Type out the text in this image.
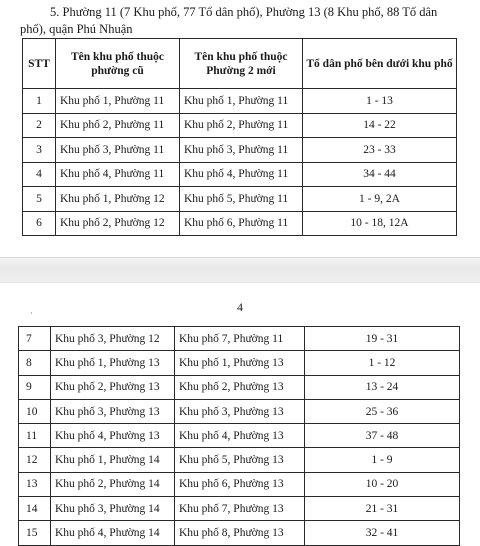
5. Phường 11 (7 Khu phố, 77 Tổ dân phố), Phường 13 (8 Khu phố, 88 Tổ dân phố), quận Phú Nhuận

STT	Tên khu phố thuộc phường cũ	Tên khu phố thuộc Phường 2 mới	Tổ dân phố bên dưới khu phố
1	Khu phố 1, Phường 11	Khu phố 1, Phường 11	1 - 13
2	Khu phố 2, Phường 11	Khu phố 2, Phường 11	14 - 22
3	Khu phố 3, Phường 11	Khu phố 3, Phường 11	23 - 33
4	Khu phố 4, Phường 11	Khu phố 4, Phường 11	34 - 44
5	Khu phố 1, Phường 12	Khu phố 5, Phường 11	1 - 9, 2A
6	Khu phố 2, Phường 12	Khu phố 6, Phường 11	10 - 18, 12A
·	4
7	Khu phố 3, Phường 12	Khu phố 7, Phường 11	19 - 31
8	Khu phố 1, Phường 13	Khu phố 1, Phường 13	1 - 12
9	Khu phố 2, Phường 13	Khu phố 2, Phường 13	13 - 24
10	Khu phố 3, Phường 13	Khu phố 3, Phường 13	25 - 36
11	Khu phố 4, Phường 13	Khu phố 4, Phường 13	37 - 48
12	Khu phố 1, Phường 14	Khu phố 5, Phường 13	1 - 9
13	Khu phố 2, Phường 14	Khu phố 6, Phường 13	10 - 20
14	Khu phố 3, Phường 14	Khu phố 7, Phường 13	21 - 31
15	Khu phố 4, Phường 14	Khu phố 8, Phường 13	32 - 41
